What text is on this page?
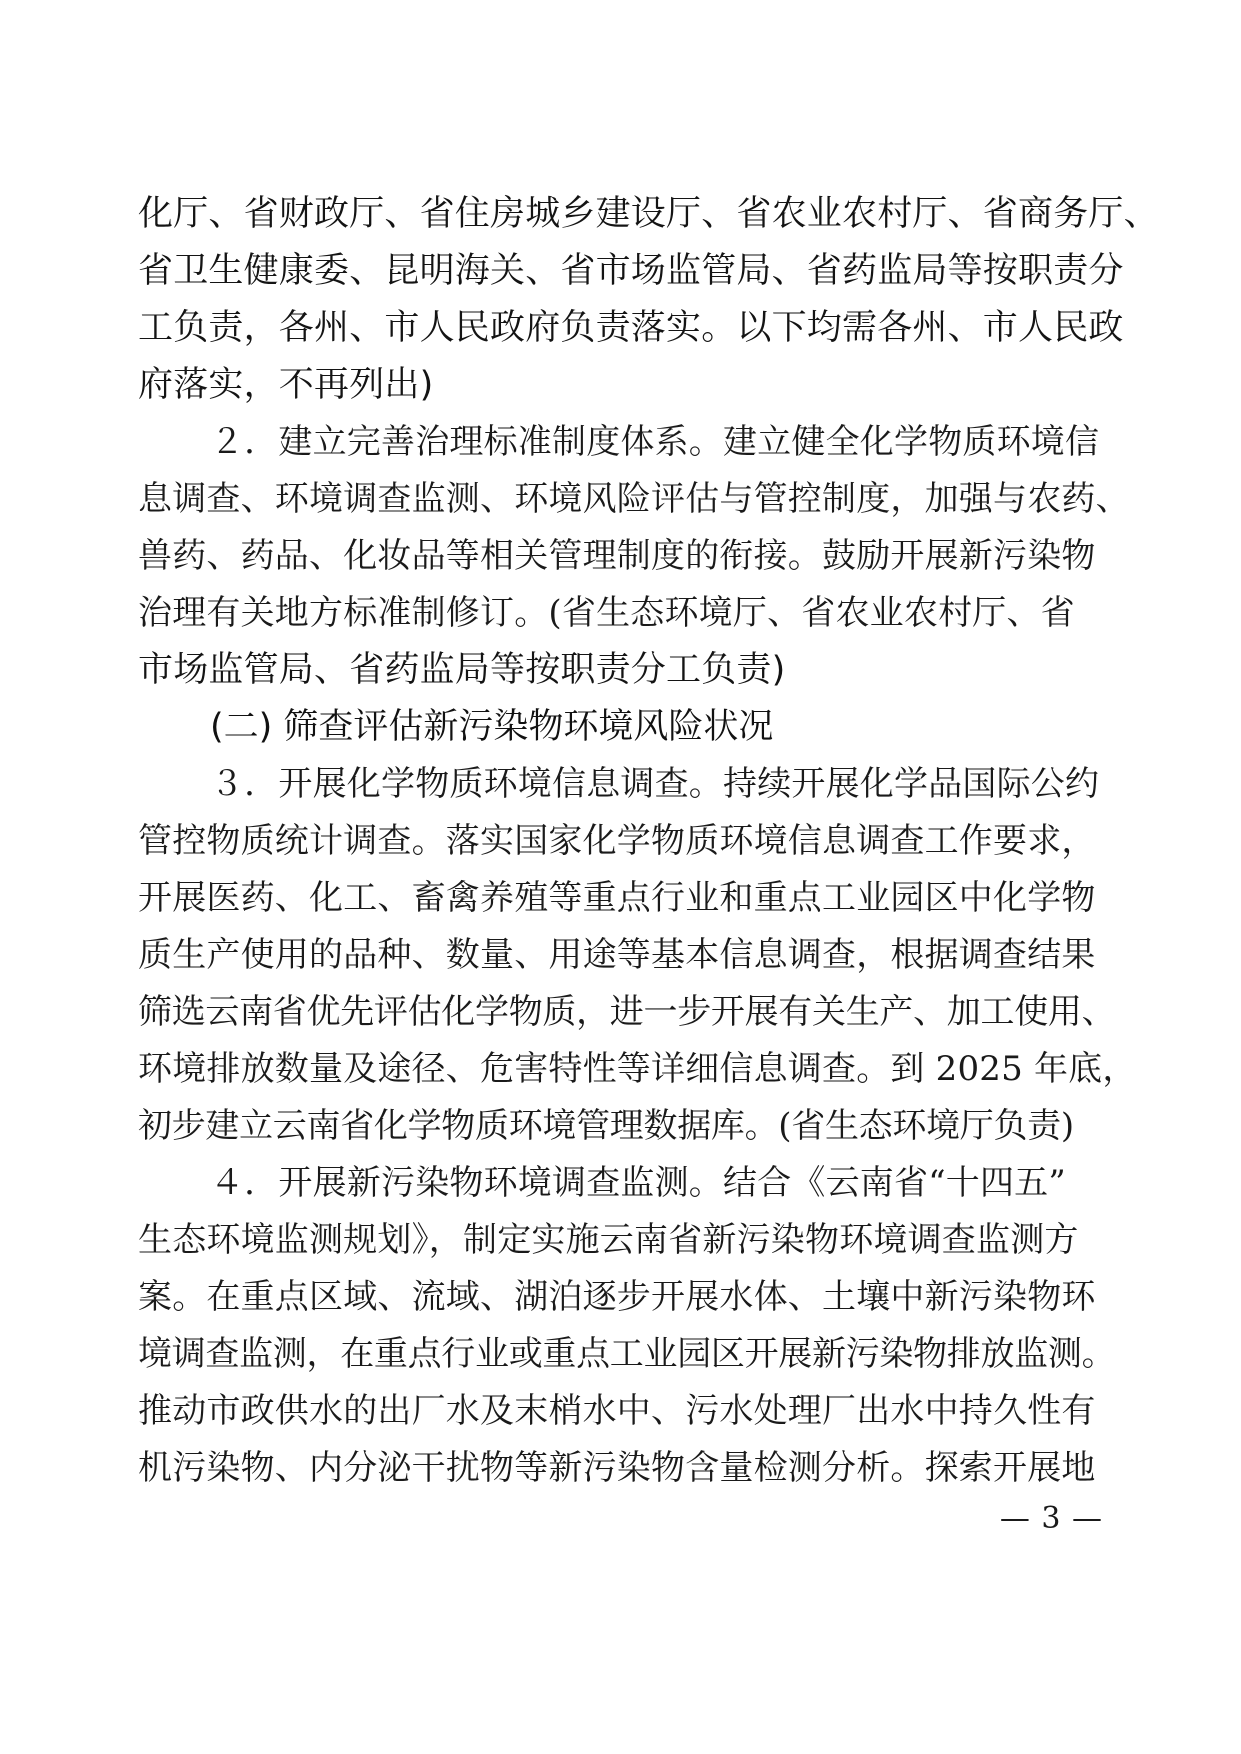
化厅、省财政厅、省住房城乡建设厅、省农业农村厅、省商务厅、
省卫生健康委、昆明海关、省市场监管局、省药监局等按职责分
工负责，各州、市人民政府负责落实。以下均需各州、市人民政
府落实，不再列出)
２．建立完善治理标准制度体系。建立健全化学物质环境信
息调查、环境调查监测、环境风险评估与管控制度，加强与农药、
兽药、药品、化妆品等相关管理制度的衔接。鼓励开展新污染物
治理有关地方标准制修订。(省生态环境厅、省农业农村厅、省
市场监管局、省药监局等按职责分工负责)
(二) 筛查评估新污染物环境风险状况
３．开展化学物质环境信息调查。持续开展化学品国际公约
管控物质统计调查。落实国家化学物质环境信息调查工作要求，
开展医药、化工、畜禽养殖等重点行业和重点工业园区中化学物
质生产使用的品种、数量、用途等基本信息调查，根据调查结果
筛选云南省优先评估化学物质，进一步开展有关生产、加工使用、
环境排放数量及途径、危害特性等详细信息调查。到 2025 年底，
初步建立云南省化学物质环境管理数据库。(省生态环境厅负责)
４．开展新污染物环境调查监测。结合《云南省“十四五”
生态环境监测规划》，制定实施云南省新污染物环境调查监测方
案。在重点区域、流域、湖泊逐步开展水体、土壤中新污染物环
境调查监测，在重点行业或重点工业园区开展新污染物排放监测。
推动市政供水的出厂水及末梢水中、污水处理厂出水中持久性有
机污染物、内分泌干扰物等新污染物含量检测分析。探索开展地
— 3 —
